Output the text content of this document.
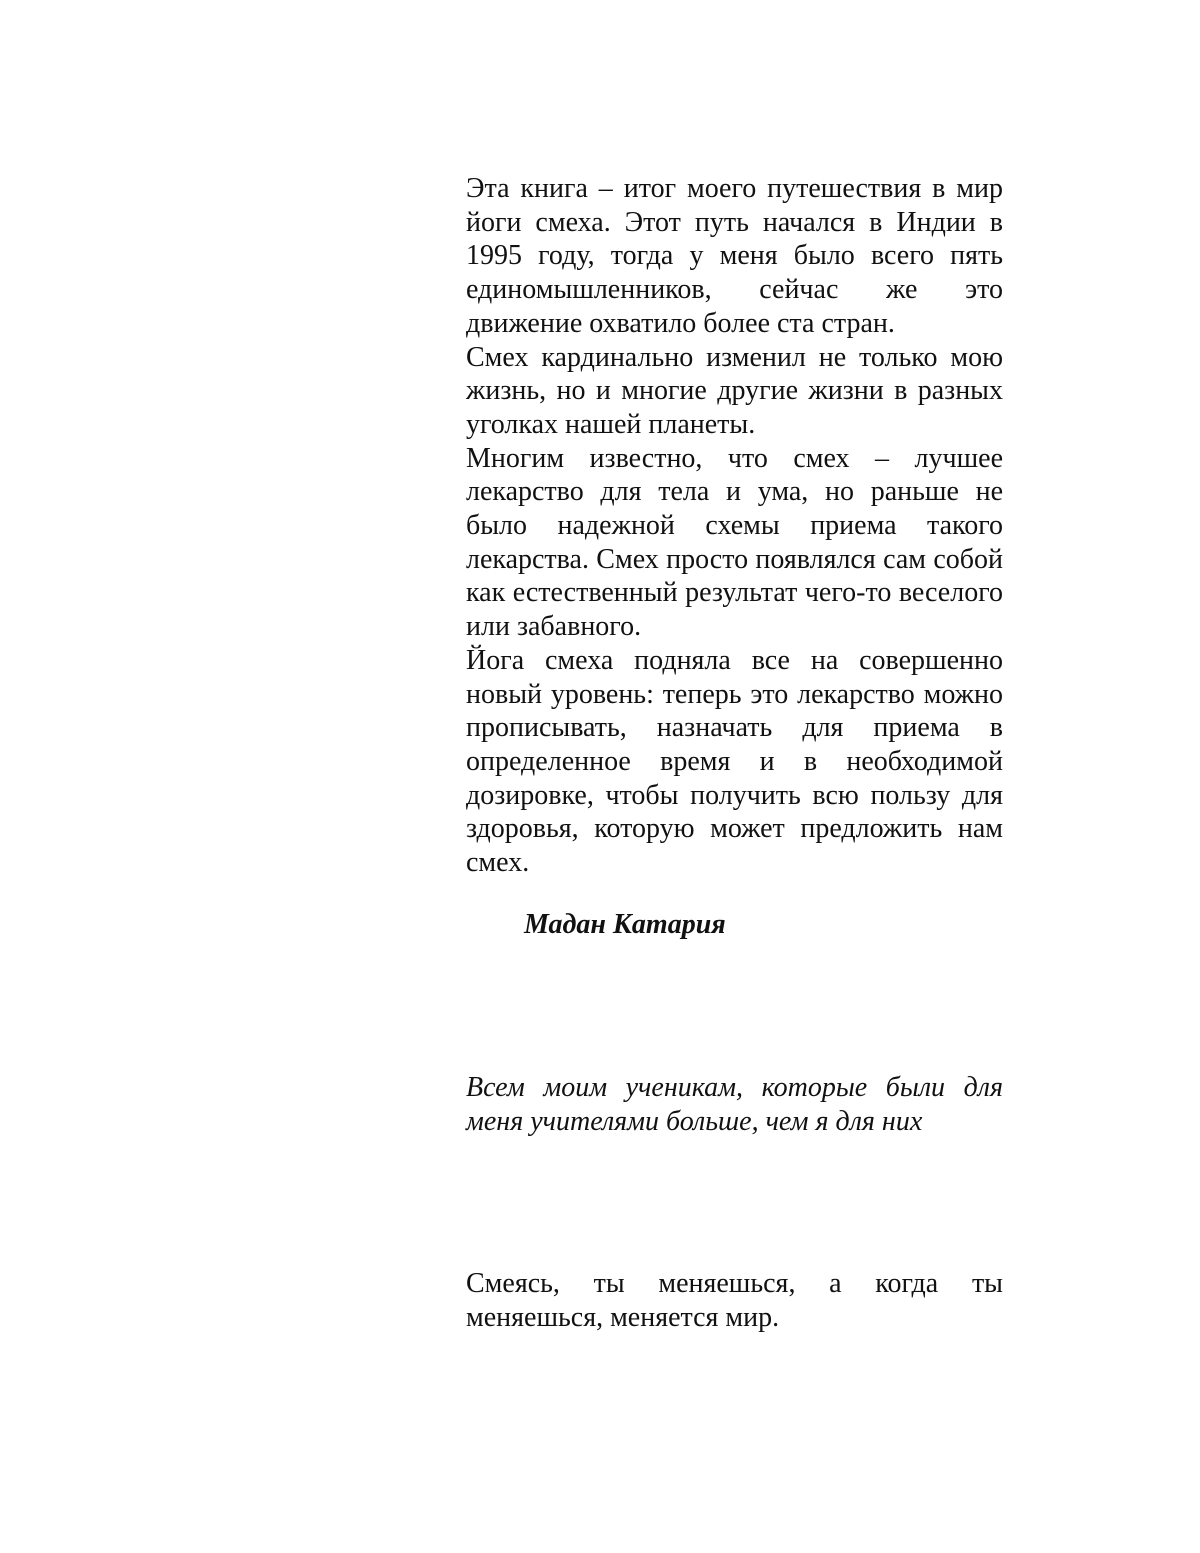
Эта книга – итог моего путешествия в мир йоги смеха. Этот путь начался в Индии в 1995 году, тогда у меня было всего пять единомышленников, сейчас же это движение охватило более ста стран.

Смех кардинально изменил не только мою жизнь, но и многие другие жизни в разных уголках нашей планеты.

Многим известно, что смех – лучшее лекарство для тела и ума, но раньше не было надежной схемы приема такого лекарства. Смех просто появлялся сам собой как естественный результат чего-то веселого или забавного.

Йога смеха подняла все на совершенно новый уровень: теперь это лекарство можно прописывать, назначать для приема в определенное время и в необходимой дозировке, чтобы получить всю пользу для здоровья, которую может предложить нам смех.

Мадан Катария

Всем моим ученикам, которые были для меня учителями больше, чем я для них

Смеясь, ты меняешься, а когда ты меняешься, меняется мир.
